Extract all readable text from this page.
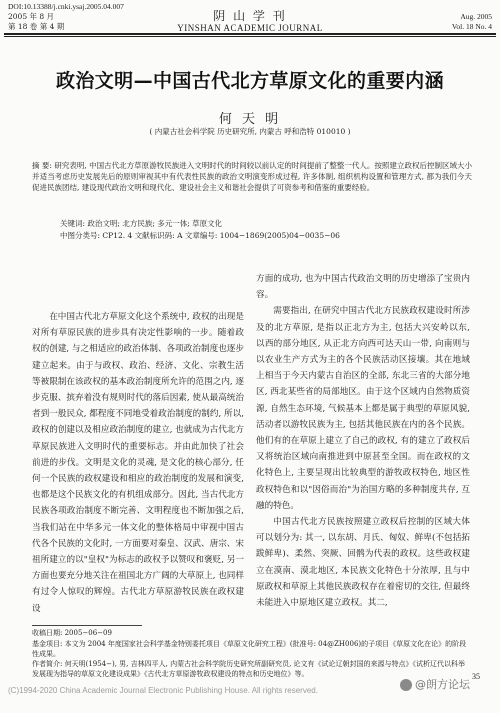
DOI:10.13388/j.cnki.ysaj.2005.04.007
2005 年 8 月
第 18 卷 第 4 期
阴 山 学 刊
YINSHAN ACADEMIC JOURNAL
Aug. 2005
Vol. 18 No. 4
政治文明—中国古代北方草原文化的重要内涵
何 天 明
( 内蒙古社会科学院 历史研究所, 内蒙古 呼和浩特 010010 )
摘 要: 研究表明, 中国古代北方草原游牧民族进入文明时代的时间较以前认定的时间提前了整整一代人。按照建立政权后控制区域大小并适当考虑历史发展先后的原则审视其中有代表性民族的政治文明演变形成过程, 许多体制, 组织机构设置和管理方式, 都为我们今天促进民族团结, 建设现代政治文明和现代化、建设社会主义和谐社会提供了可资参考和借鉴的重要经验。
关键词: 政治文明; 北方民族; 多元一体; 草原文化
中图分类号: CP12. 4 文献标识码: A 文章编号: 1004−1869(2005)04−0035−06

在中国古代北方草原文化这个系统中, 政权的出现是对所有草原民族的进步具有决定性影响的一步。随着政权的创建, 与之相适应的政治体制、各项政治制度也逐步建立起来。由于与政权、政治、经济、文化、宗教生活等被限制在该政权的基本政治制度所允许的范围之内, 逐步克服、摈弃着没有规则时代的落后因素, 使从最高统治者到一般民众, 都程度不同地受着政治制度的制约, 所以, 政权的创建以及相应政治制度的建立, 也就成为古代北方草原民族进入文明时代的重要标志。并由此加快了社会前进的步伐。文明是文化的灵魂, 是文化的核心部分, 任何一个民族的政权建设和相应的政治制度的发展和演变, 也都是这个民族文化的有机组成部分。因此, 当古代北方民族各项政治制度不断完善、文明程度也不断加强之后, 当我们站在中华多元一体文化的整体格局中审视中国古代各个民族的文化时, 一方面要对秦皇、汉武、唐宗、宋祖所建立的以"皇权"为标志的政权予以赞叹和褒贬, 另一方面也要充分地关注在祖国北方广阔的大草原上, 也同样有过令人惊叹的辉煌。古代北方草原游牧民族在政权建设

方面的成功, 也为中国古代政治文明的历史增添了宝贵内容。

需要指出, 在研究中国古代北方民族政权建设时所涉及的北方草原, 是指以正北方为主, 包括大兴安岭以东, 以西的部分地区, 从正北方向西可达天山一带, 向南则与以农业生产方式为主的各个民族活动区接壤。其在地域上相当于今天内蒙古自治区的全部, 东北三省的大部分地区, 西北某些省的局部地区。由于这个区域内自然物质资源, 自然生态环境, 气候基本上都是属于典型的草原风貌, 活动者以游牧民族为主, 包括其他民族在内的各个民族。他们有的在草原上建立了自己的政权, 有的建立了政权后又将统治区域向南推进到中原甚至全国。而在政权的文化特色上, 主要呈现出比较典型的游牧政权特色, 地区性政权特色和以"因俗而治"为治国方略的多种制度共存, 互融的特色。

中国古代北方民族按照建立政权后控制的区域大体可以划分为: 其一, 以东胡、月氏、匈奴、鲜卑(不包括拓跋鲜卑)、柔然、突厥、回鹘为代表的政权。这些政权建立在漠南、漠北地区, 本民族文化特色十分浓厚, 且与中原政权和草原上其他民族政权存在着密切的交往, 但最终未能进入中原地区建立政权。其二,

收稿日期: 2005−06−09
基金项目: 本文为 2004 年度国家社会科学基金特别委托项目《草原文化研究工程》(批准号: 04@ZH006)的子项目《草原文化在论》的阶段性成果。
作者简介: 何天明(1954−), 男, 吉林四平人, 内蒙古社会科学院历史研究所副研究员, 论文有《试论辽朝封国的来源与特点》《试析辽代以科举发展现为指导的草原文化建设成果》《古代北方草原游牧政权建设的特点和历史地位》等。
(C)1994-2020 China Academic Journal Electronic Publishing House. All rights reserved.
35
@朗方论坛
